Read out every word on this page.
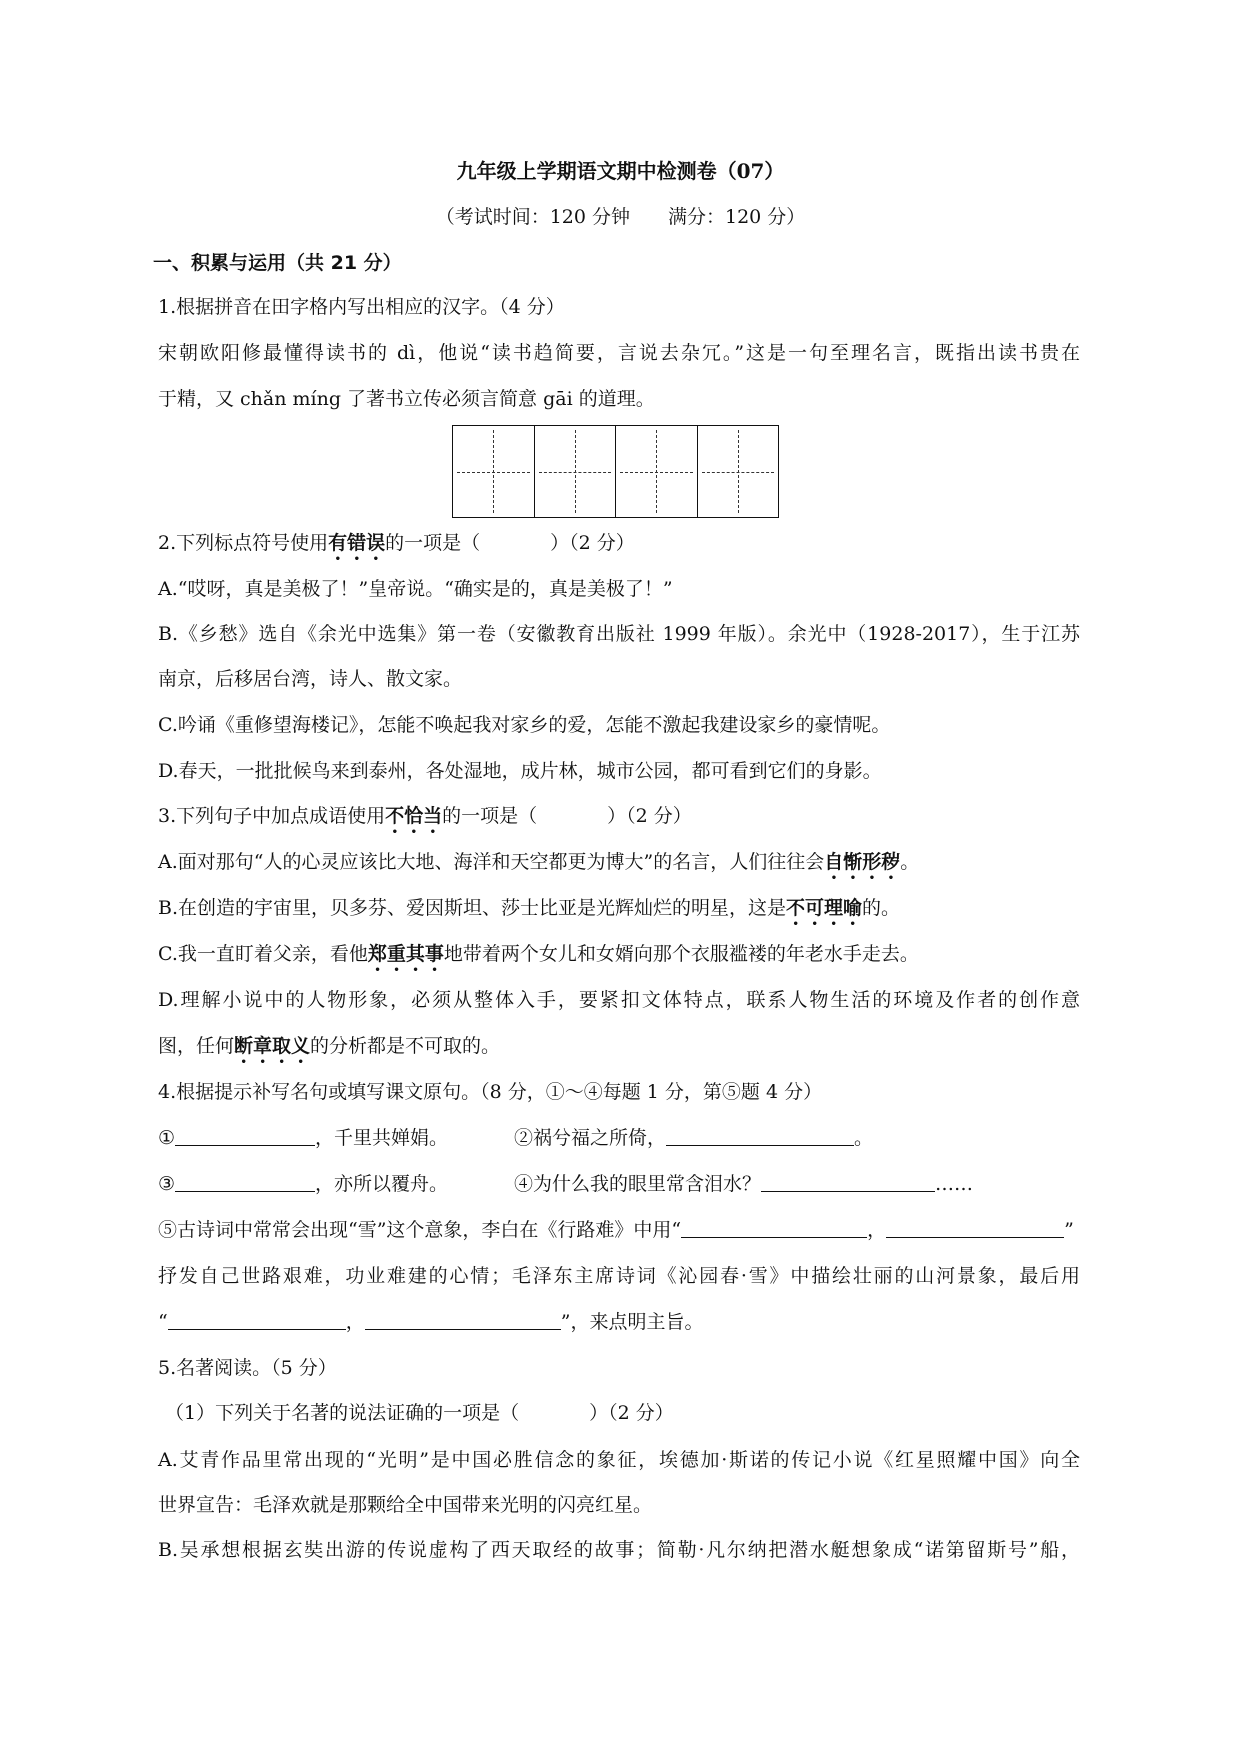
九年级上学期语文期中检测卷（07）
（考试时间：120 分钟　　满分：120 分）
一、积累与运用（共 21 分）
1.根据拼音在田字格内写出相应的汉字。（4 分）
宋朝欧阳修最懂得读书的 dì，他说“读书趋简要，言说去杂冗。”这是一句至理名言，既指出读书贵在
于精，又 chǎn míng 了著书立传必须言简意 gāi 的道理。
2.下列标点符号使用有错误的一项是（	）（2 分）
A.“哎呀，真是美极了！”皇帝说。“确实是的，真是美极了！”
B.《乡愁》选自《余光中选集》第一卷（安徽教育出版社 1999 年版）。余光中（1928-2017），生于江苏
南京，后移居台湾，诗人、散文家。
C.吟诵《重修望海楼记》，怎能不唤起我对家乡的爱，怎能不激起我建设家乡的豪情呢。
D.春天，一批批候鸟来到泰州，各处湿地，成片林，城市公园，都可看到它们的身影。
3.下列句子中加点成语使用不恰当的一项是（	）（2 分）
A.面对那句“人的心灵应该比大地、海洋和天空都更为博大”的名言，人们往往会自惭形秽。
B.在创造的宇宙里，贝多芬、爱因斯坦、莎士比亚是光辉灿烂的明星，这是不可理喻的。
C.我一直盯着父亲，看他郑重其事地带着两个女儿和女婿向那个衣服褴褛的年老水手走去。
D.理解小说中的人物形象，必须从整体入手，要紧扣文体特点，联系人物生活的环境及作者的创作意
图，任何断章取义的分析都是不可取的。
4.根据提示补写名句或填写课文原句。（8 分，①～④每题 1 分，第⑤题 4 分）
①	，千里共婵娟。	②祸兮福之所倚，	。
③	，亦所以覆舟。	④为什么我的眼里常含泪水？	……
⑤古诗词中常常会出现“雪”这个意象，李白在《行路难》中用“	，	”
抒发自己世路艰难，功业难建的心情；毛泽东主席诗词《沁园春·雪》中描绘壮丽的山河景象，最后用
“	，	”，来点明主旨。
5.名著阅读。（5 分）
（1）下列关于名著的说法证确的一项是（	）（2 分）
A.艾青作品里常出现的“光明”是中国必胜信念的象征，埃德加·斯诺的传记小说《红星照耀中国》向全
世界宣告：毛泽欢就是那颗给全中国带来光明的闪亮红星。
B.吴承想根据玄奘出游的传说虚构了西天取经的故事；简勒·凡尔纳把潜水艇想象成“诺第留斯号”船，
